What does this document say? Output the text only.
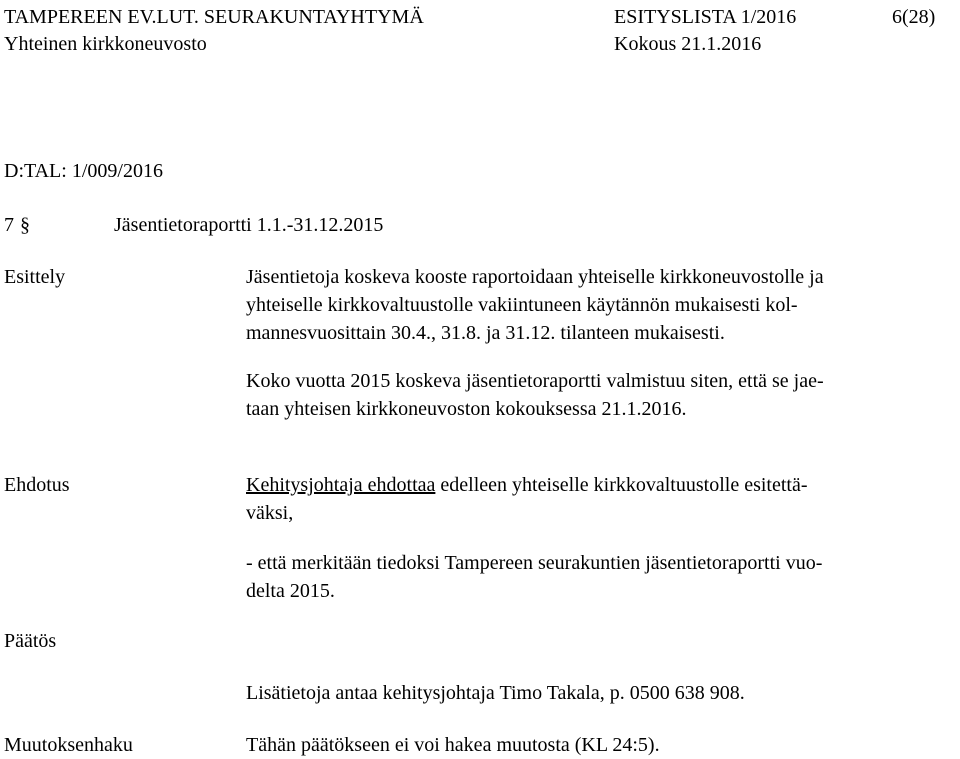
TAMPEREEN EV.LUT. SEURAKUNTAYHTYMÄ	ESITYSLISTA 1/2016	6(28)
Yhteinen kirkkoneuvosto	Kokous 21.1.2016
D:TAL: 1/009/2016
7 §	Jäsentietoraportti 1.1.-31.12.2015
Esittely	Jäsentietoja koskeva kooste raportoidaan yhteiselle kirkkoneuvostolle ja
yhteiselle kirkkovaltuustolle vakiintuneen käytännön mukaisesti kol-
mannesvuosittain 30.4., 31.8. ja 31.12. tilanteen mukaisesti.
Koko vuotta 2015 koskeva jäsentietoraportti valmistuu siten, että se jae-
taan yhteisen kirkkoneuvoston kokouksessa 21.1.2016.
Ehdotus	Kehitysjohtaja ehdottaa edelleen yhteiselle kirkkovaltuustolle esitettä-
väksi,
- että merkitään tiedoksi Tampereen seurakuntien jäsentietoraportti vuo-
delta 2015.
Päätös
Lisätietoja antaa kehitysjohtaja Timo Takala, p. 0500 638 908.
Muutoksenhaku	Tähän päätökseen ei voi hakea muutosta (KL 24:5).
